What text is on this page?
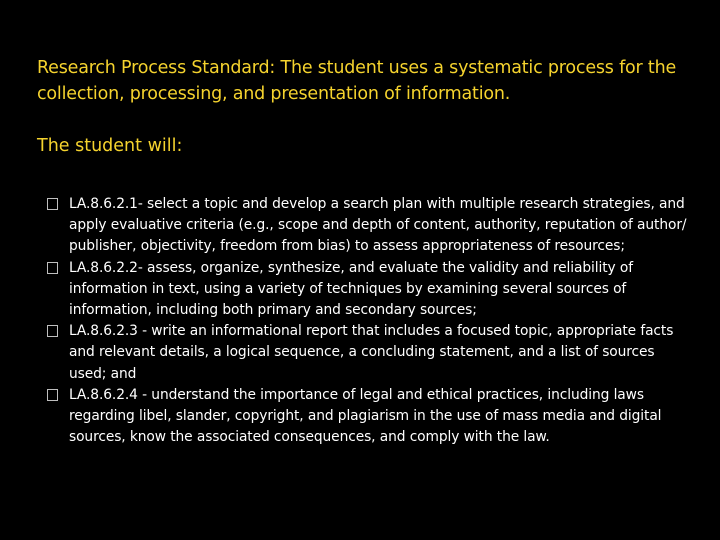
Research Process Standard: The student uses a systematic process for the collection, processing, and presentation of information.
The student will:
LA.8.6.2.1- select a topic and develop a search plan with multiple research strategies, and apply evaluative criteria (e.g., scope and depth of content, authority, reputation of author/ publisher, objectivity, freedom from bias) to assess appropriateness of resources;
LA.8.6.2.2- assess, organize, synthesize, and evaluate the validity and reliability of information in text, using a variety of techniques by examining several sources of information, including both primary and secondary sources;
LA.8.6.2.3 - write an informational report that includes a focused topic, appropriate facts and relevant details, a logical sequence, a concluding statement, and a list of sources used; and
LA.8.6.2.4 - understand the importance of legal and ethical practices, including laws regarding libel, slander, copyright, and plagiarism in the use of mass media and digital sources, know the associated consequences, and comply with the law.
